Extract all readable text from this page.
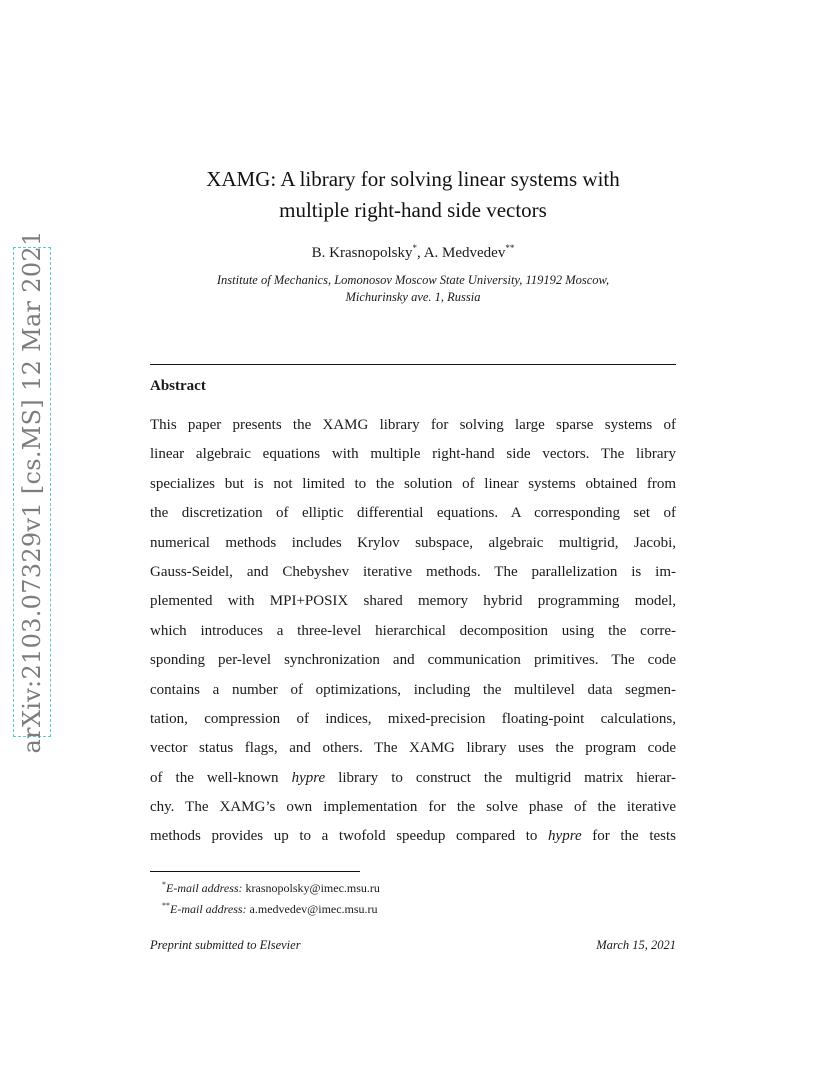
arXiv:2103.07329v1 [cs.MS] 12 Mar 2021
XAMG: A library for solving linear systems with
multiple right-hand side vectors
B. Krasnopolsky*, A. Medvedev**
Institute of Mechanics, Lomonosov Moscow State University, 119192 Moscow,
Michurinsky ave. 1, Russia
Abstract
This paper presents the XAMG library for solving large sparse systems of
linear algebraic equations with multiple right-hand side vectors. The library
specializes but is not limited to the solution of linear systems obtained from
the discretization of elliptic differential equations. A corresponding set of
numerical methods includes Krylov subspace, algebraic multigrid, Jacobi,
Gauss-Seidel, and Chebyshev iterative methods. The parallelization is im-
plemented with MPI+POSIX shared memory hybrid programming model,
which introduces a three-level hierarchical decomposition using the corre-
sponding per-level synchronization and communication primitives. The code
contains a number of optimizations, including the multilevel data segmen-
tation, compression of indices, mixed-precision floating-point calculations,
vector status flags, and others. The XAMG library uses the program code
of the well-known hypre library to construct the multigrid matrix hierar-
chy. The XAMG’s own implementation for the solve phase of the iterative
methods provides up to a twofold speedup compared to hypre for the tests
*E-mail address: krasnopolsky@imec.msu.ru
**E-mail address: a.medvedev@imec.msu.ru
Preprint submitted to Elsevier	March 15, 2021
